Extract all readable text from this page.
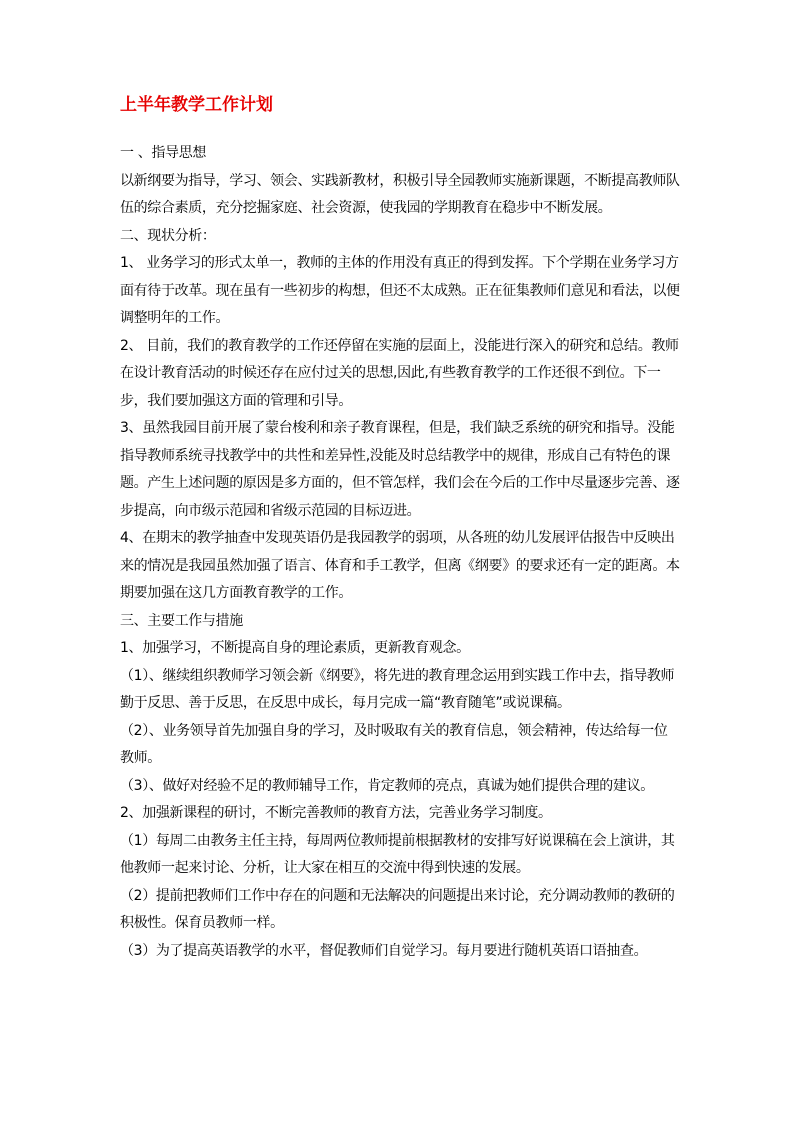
上半年教学工作计划

一 、指导思想

以新纲要为指导，学习、领会、实践新教材，积极引导全园教师实施新课题，不断提高教师队伍的综合素质，充分挖掘家庭、社会资源，使我园的学期教育在稳步中不断发展。

二、现状分析：

1、 业务学习的形式太单一，教师的主体的作用没有真正的得到发挥。下个学期在业务学习方面有待于改革。现在虽有一些初步的构想，但还不太成熟。正在征集教师们意见和看法，以便调整明年的工作。

2、 目前，我们的教育教学的工作还停留在实施的层面上，没能进行深入的研究和总结。教师在设计教育活动的时候还存在应付过关的思想,因此,有些教育教学的工作还很不到位。下一步，我们要加强这方面的管理和引导。

3、虽然我园目前开展了蒙台梭利和亲子教育课程，但是，我们缺乏系统的研究和指导。没能指导教师系统寻找教学中的共性和差异性,没能及时总结教学中的规律，形成自己有特色的课题。产生上述问题的原因是多方面的，但不管怎样，我们会在今后的工作中尽量逐步完善、逐步提高，向市级示范园和省级示范园的目标迈进。

4、在期末的教学抽查中发现英语仍是我园教学的弱项，从各班的幼儿发展评估报告中反映出来的情况是我园虽然加强了语言、体育和手工教学，但离《纲要》的要求还有一定的距离。本期要加强在这几方面教育教学的工作。

三、主要工作与措施

1、加强学习，不断提高自身的理论素质，更新教育观念。

（1）、继续组织教师学习领会新《纲要》，将先进的教育理念运用到实践工作中去，指导教师勤于反思、善于反思，在反思中成长，每月完成一篇“教育随笔”或说课稿。

（2）、业务领导首先加强自身的学习，及时吸取有关的教育信息，领会精神，传达给每一位教师。

（3）、做好对经验不足的教师辅导工作，肯定教师的亮点，真诚为她们提供合理的建议。

2、加强新课程的研讨，不断完善教师的教育方法，完善业务学习制度。

（1）每周二由教务主任主持，每周两位教师提前根据教材的安排写好说课稿在会上演讲，其他教师一起来讨论、分析，让大家在相互的交流中得到快速的发展。

（2）提前把教师们工作中存在的问题和无法解决的问题提出来讨论，充分调动教师的教研的积极性。保育员教师一样。

（3）为了提高英语教学的水平，督促教师们自觉学习。每月要进行随机英语口语抽查。
